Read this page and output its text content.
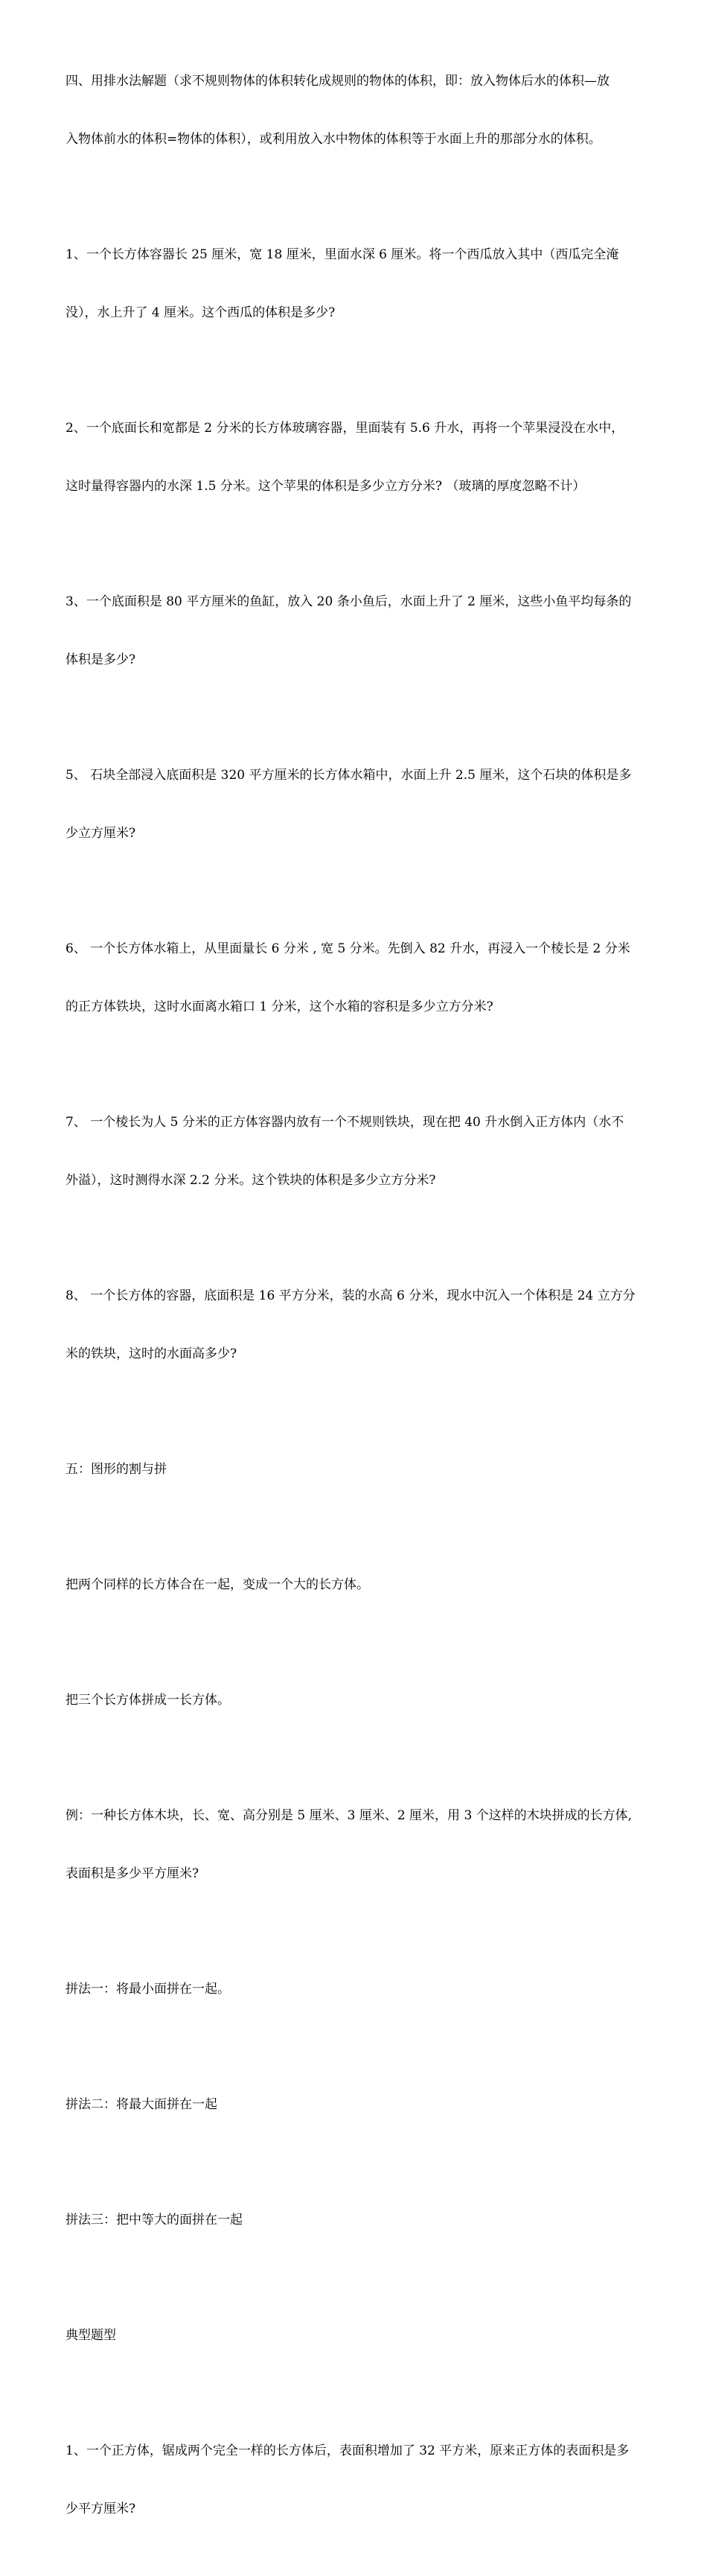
四、用排水法解题（求不规则物体的体积转化成规则的物体的体积，即：放入物体后水的体积—放

入物体前水的体积=物体的体积），或利用放入水中物体的体积等于水面上升的那部分水的体积。

1、一个长方体容器长 25 厘米，宽 18 厘米，里面水深 6 厘米。将一个西瓜放入其中（西瓜完全淹

没），水上升了 4 厘米。这个西瓜的体积是多少?

2、一个底面长和宽都是 2 分米的长方体玻璃容器，里面装有 5.6 升水，再将一个苹果浸没在水中，

这时量得容器内的水深 1.5 分米。这个苹果的体积是多少立方分米? （玻璃的厚度忽略不计）

3、一个底面积是 80 平方厘米的鱼缸，放入 20 条小鱼后，水面上升了 2 厘米，这些小鱼平均每条的

体积是多少?

5、 石块全部浸入底面积是 320 平方厘米的长方体水箱中，水面上升 2.5 厘米，这个石块的体积是多

少立方厘米?

6、 一个长方体水箱上，从里面量长 6 分米 , 宽 5 分米。先倒入 82 升水，再浸入一个棱长是 2 分米

的正方体铁块，这时水面离水箱口 1 分米，这个水箱的容积是多少立方分米?

7、 一个棱长为人 5 分米的正方体容器内放有一个不规则铁块，现在把 40 升水倒入正方体内（水不

外溢），这时测得水深 2.2 分米。这个铁块的体积是多少立方分米?

8、 一个长方体的容器，底面积是 16 平方分米，装的水高 6 分米，现水中沉入一个体积是 24 立方分

米的铁块，这时的水面高多少?

五：图形的割与拼

把两个同样的长方体合在一起，变成一个大的长方体。

把三个长方体拼成一长方体。

例：一种长方体木块，长、宽、高分别是 5 厘米、3 厘米、2 厘米，用 3 个这样的木块拼成的长方体,

表面积是多少平方厘米?

拼法一：将最小面拼在一起。

拼法二：将最大面拼在一起

拼法三：把中等大的面拼在一起

典型题型

1、一个正方体，锯成两个完全一样的长方体后，表面积增加了 32 平方米，原来正方体的表面积是多

少平方厘米?
